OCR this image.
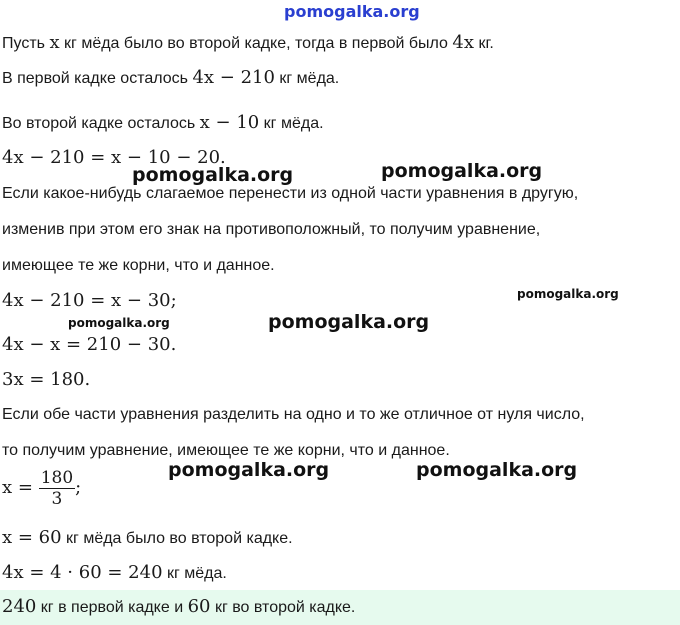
pomogalka.org
pomogalka.org	pomogalka.org
pomogalka.org
pomogalka.org	pomogalka.org
pomogalka.org	pomogalka.org
Пусть x кг мёда было во второй кадке, тогда в первой было 4x кг.
В первой кадке осталось 4x − 210 кг мёда.
Во второй кадке осталось x − 10 кг мёда.
4x − 210 = x − 10 − 20.
Если какое-нибудь слагаемое перенести из одной части уравнения в другую,
изменив при этом его знак на противоположный, то получим уравнение,
имеющее те же корни, что и данное.
4x − 210 = x − 30;
4x − x = 210 − 30.
3x = 180.
Если обе части уравнения разделить на одно и то же отличное от нуля число,
то получим уравнение, имеющее те же корни, что и данное.
$x = \frac{180}{3}$ ;
x = 60 кг мёда было во второй кадке.
4x = 4 · 60 = 240 кг мёда.
240 кг в первой кадке и 60 кг во второй кадке.
